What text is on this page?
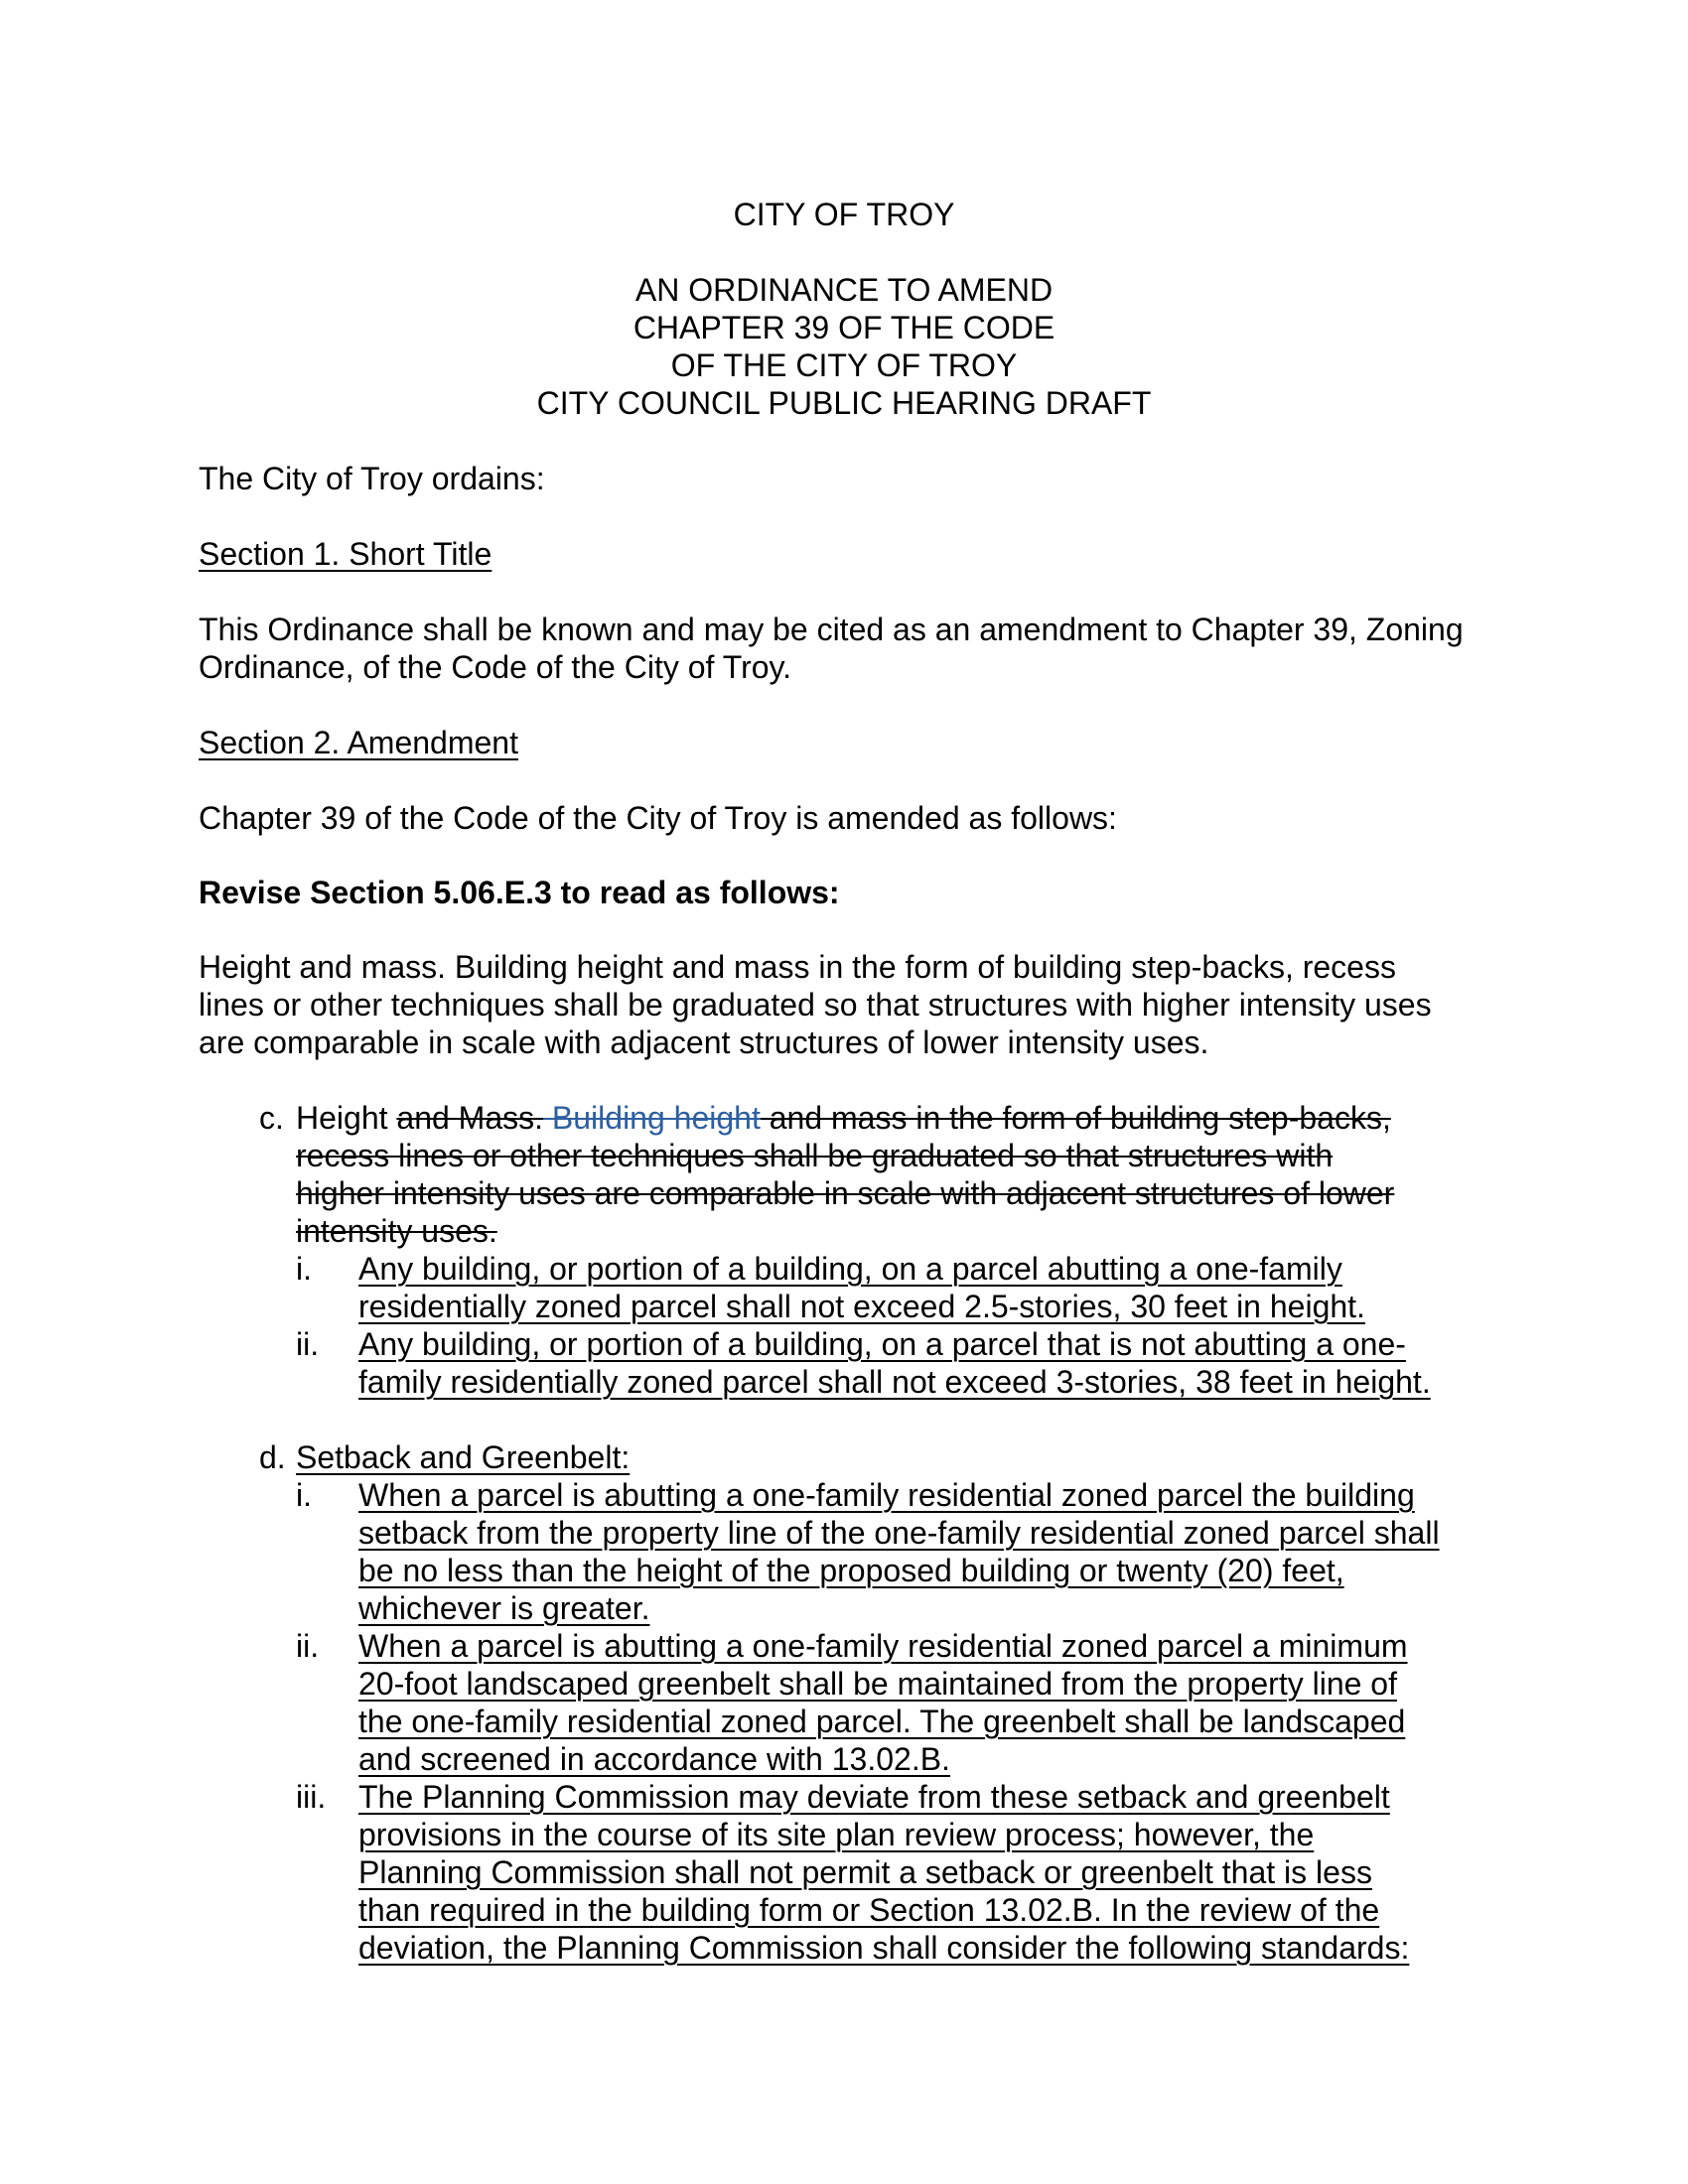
CITY OF TROY
AN ORDINANCE TO AMEND
CHAPTER 39 OF THE CODE
OF THE CITY OF TROY
CITY COUNCIL PUBLIC HEARING DRAFT
The City of Troy ordains:
Section 1. Short Title
This Ordinance shall be known and may be cited as an amendment to Chapter 39, Zoning
Ordinance, of the Code of the City of Troy.
Section 2. Amendment
Chapter 39 of the Code of the City of Troy is amended as follows:
Revise Section 5.06.E.3 to read as follows:
Height and mass. Building height and mass in the form of building step-backs, recess
lines or other techniques shall be graduated so that structures with higher intensity uses
are comparable in scale with adjacent structures of lower intensity uses.
c. Height and Mass. Building height and mass in the form of building step-backs,
recess lines or other techniques shall be graduated so that structures with
higher intensity uses are comparable in scale with adjacent structures of lower
intensity uses.
i. Any building, or portion of a building, on a parcel abutting a one-family
residentially zoned parcel shall not exceed 2.5-stories, 30 feet in height.
ii. Any building, or portion of a building, on a parcel that is not abutting a one-
family residentially zoned parcel shall not exceed 3-stories, 38 feet in height.
d. Setback and Greenbelt:
i. When a parcel is abutting a one-family residential zoned parcel the building
setback from the property line of the one-family residential zoned parcel shall
be no less than the height of the proposed building or twenty (20) feet,
whichever is greater.
ii. When a parcel is abutting a one-family residential zoned parcel a minimum
20-foot landscaped greenbelt shall be maintained from the property line of
the one-family residential zoned parcel. The greenbelt shall be landscaped
and screened in accordance with 13.02.B.
iii. The Planning Commission may deviate from these setback and greenbelt
provisions in the course of its site plan review process; however, the
Planning Commission shall not permit a setback or greenbelt that is less
than required in the building form or Section 13.02.B. In the review of the
deviation, the Planning Commission shall consider the following standards:
